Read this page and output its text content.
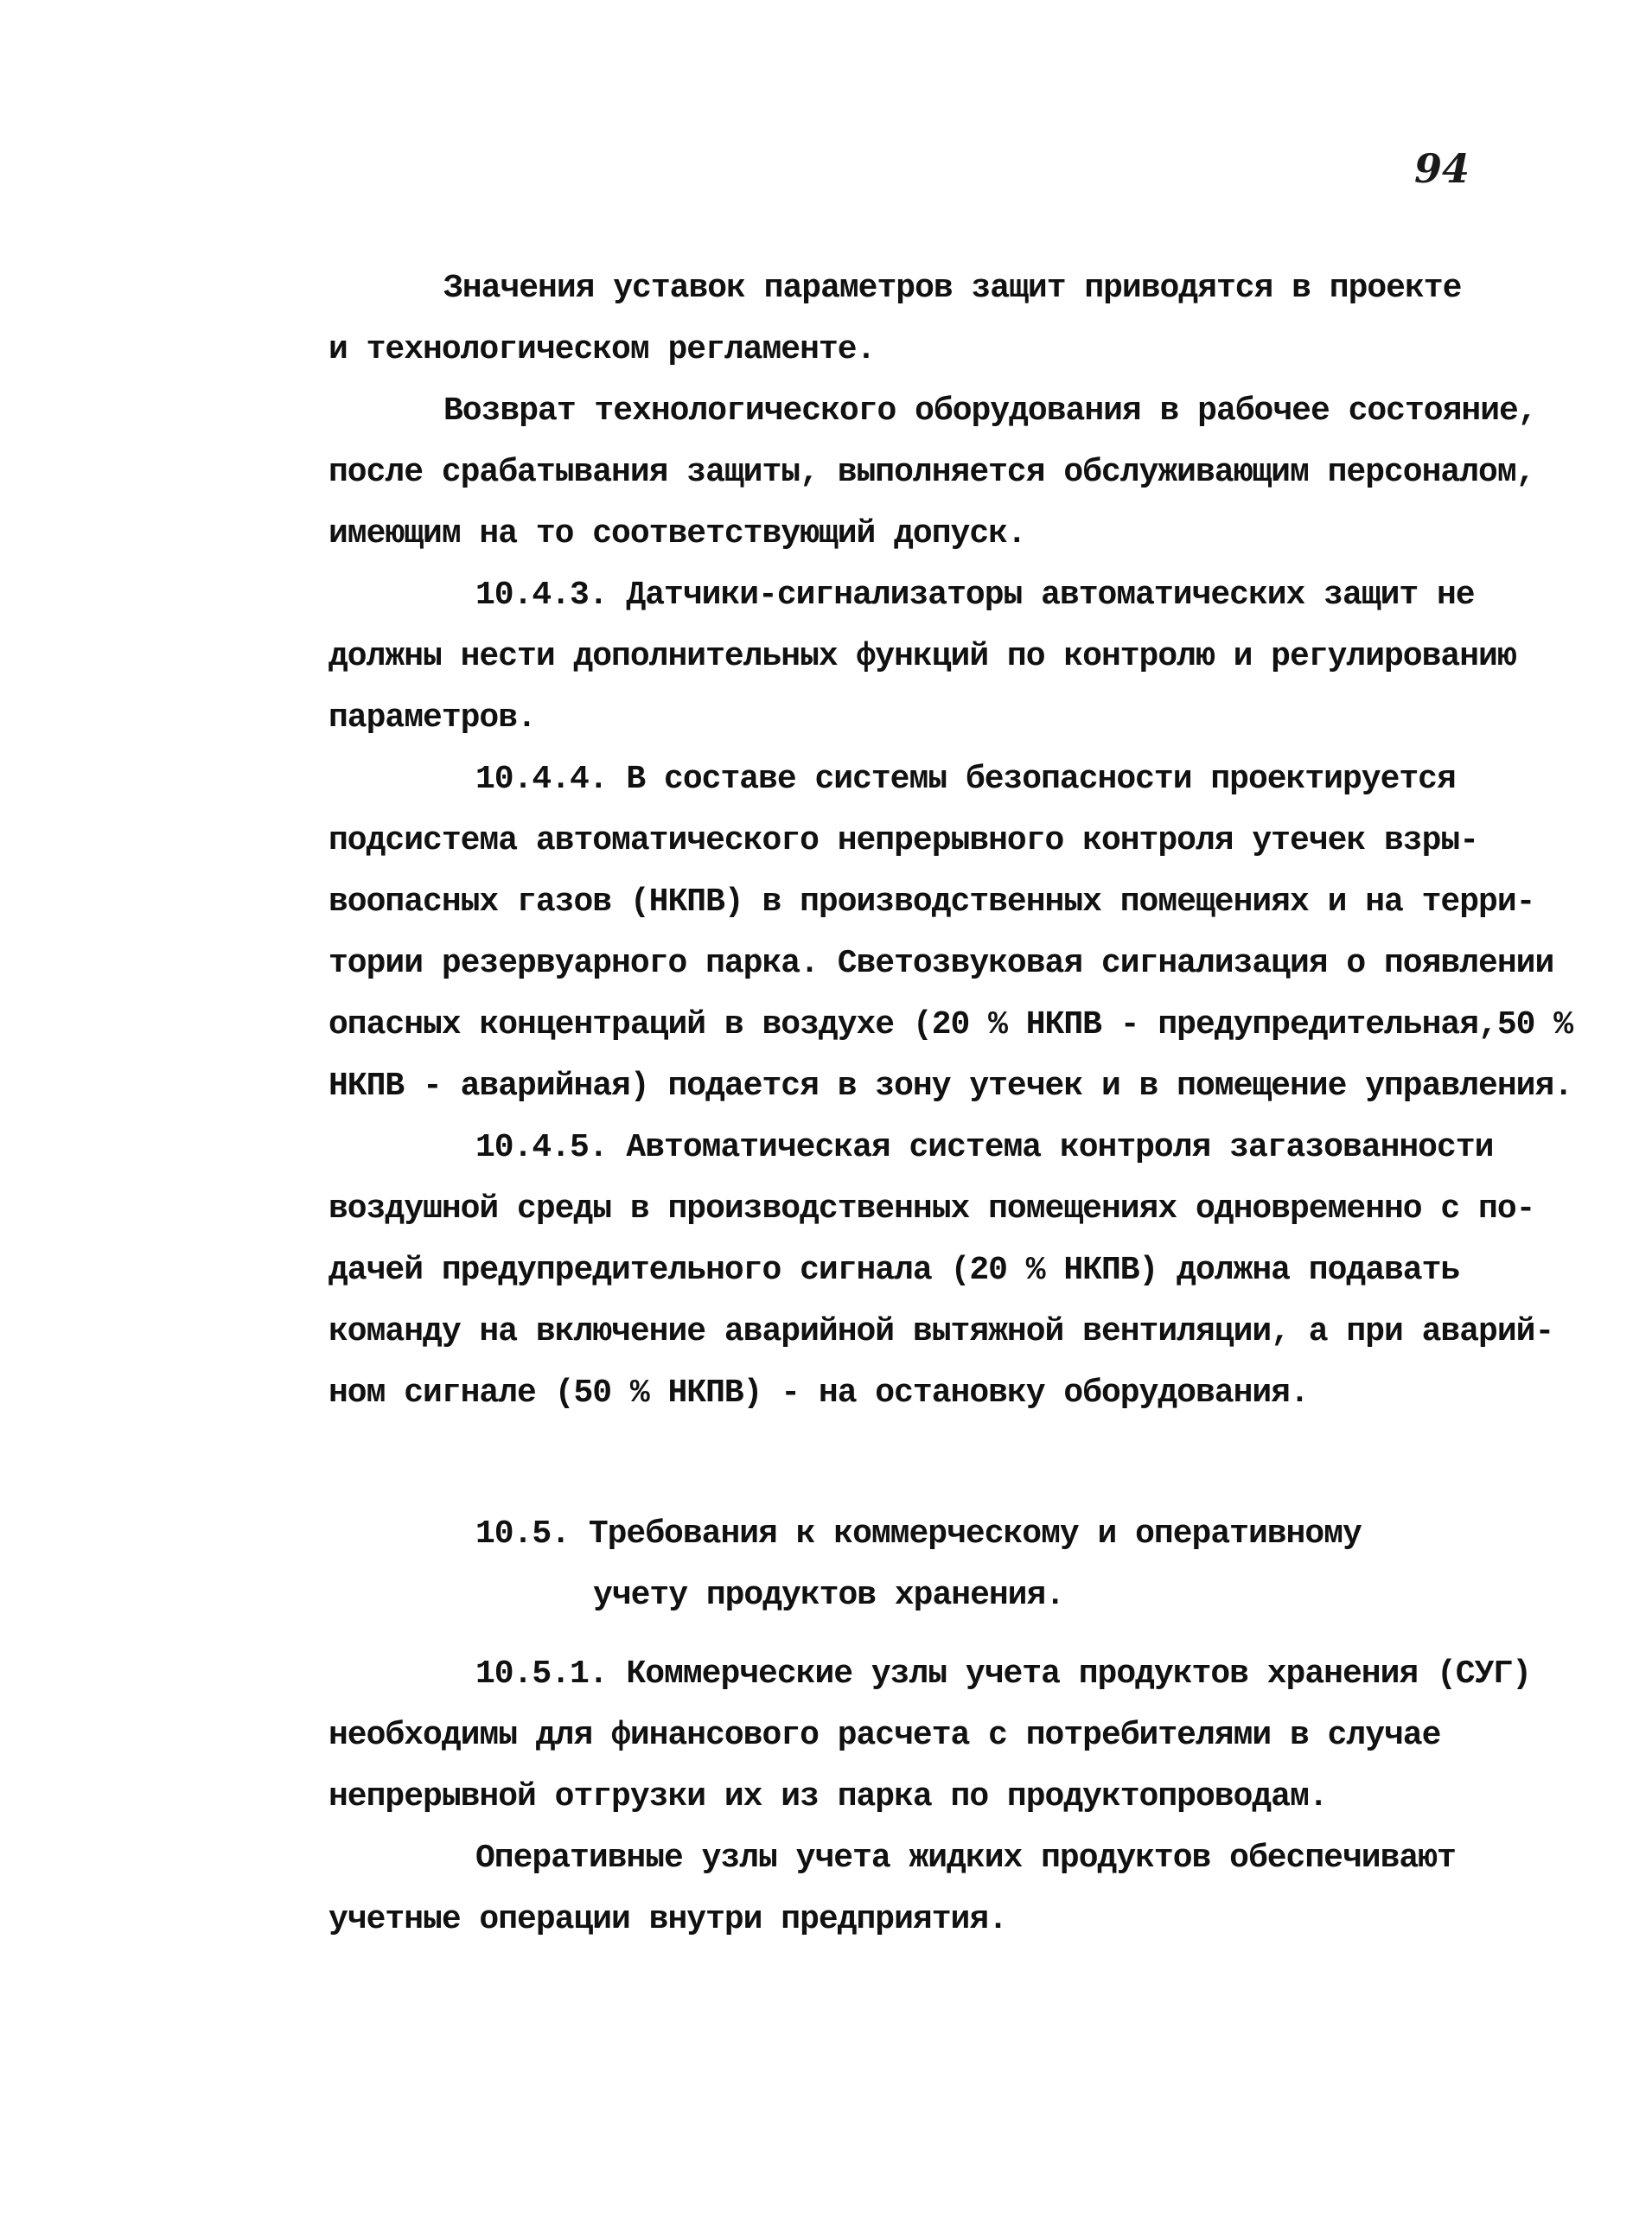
94
Значения уставок параметров защит приводятся в проекте
и технологическом регламенте.
Возврат технологического оборудования в рабочее состояние,
после срабатывания защиты, выполняется обслуживающим персоналом,
имеющим на то соответствующий допуск.
10.4.3. Датчики-сигнализаторы автоматических защит не
должны нести дополнительных функций по контролю и регулированию
параметров.
10.4.4. В составе системы безопасности проектируется
подсистема автоматического непрерывного контроля утечек взры-
воопасных газов (НКПВ) в производственных помещениях и на терри-
тории резервуарного парка. Светозвуковая сигнализация о появлении
опасных концентраций в воздухе (20 % НКПВ - предупредительная,50 %
НКПВ - аварийная) подается в зону утечек и в помещение управления.
10.4.5. Автоматическая система контроля загазованности
воздушной среды в производственных помещениях одновременно с по-
дачей предупредительного сигнала (20 % НКПВ) должна подавать
команду на включение аварийной вытяжной вентиляции, а при аварий-
ном сигнале (50 % НКПВ) - на остановку оборудования.
10.5. Требования к коммерческому и оперативному
учету продуктов хранения.
10.5.1. Коммерческие узлы учета продуктов хранения (СУГ)
необходимы для финансового расчета с потребителями в случае
непрерывной отгрузки их из парка по продуктопроводам.
Оперативные узлы учета жидких продуктов обеспечивают
учетные операции внутри предприятия.
